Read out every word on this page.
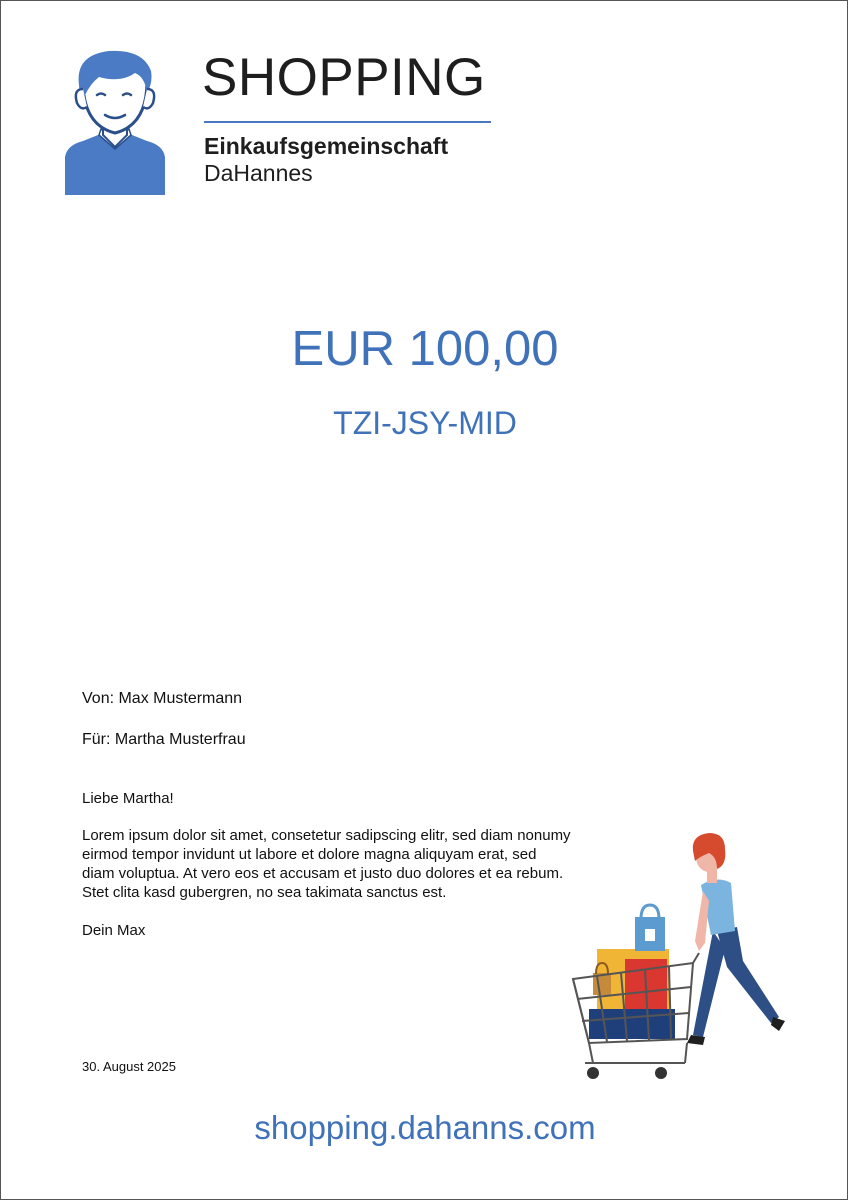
SHOPPING
Einkaufsgemeinschaft
DaHannes
EUR 100,00
TZI-JSY-MID
Von: Max Mustermann
Für: Martha Musterfrau
Liebe Martha!
Lorem ipsum dolor sit amet, consetetur sadipscing elitr, sed diam nonumy eirmod tempor invidunt ut labore et dolore magna aliquyam erat, sed diam voluptua. At vero eos et accusam et justo duo dolores et ea rebum. Stet clita kasd gubergren, no sea takimata sanctus est.
Dein Max
30. August 2025
shopping.dahanns.com
